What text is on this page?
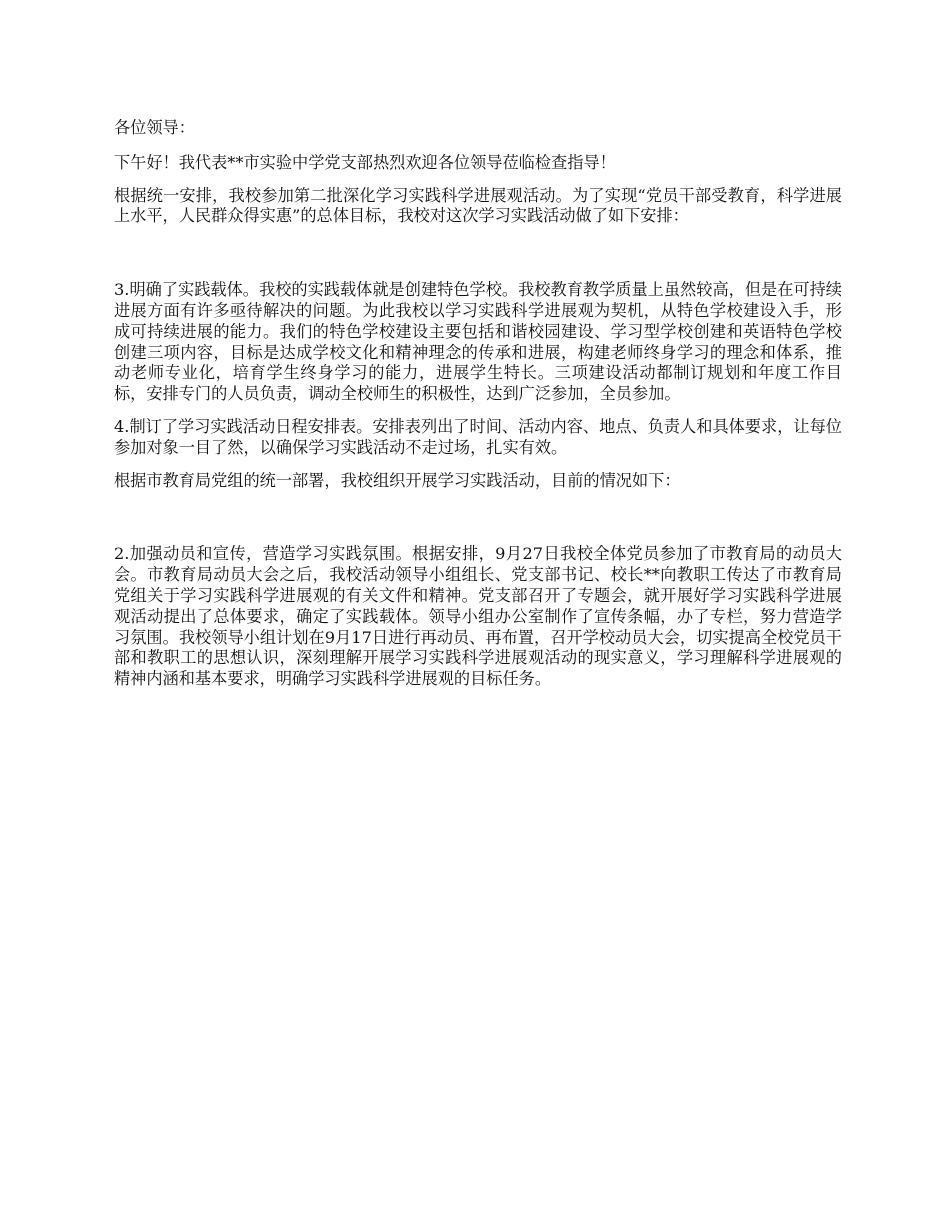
各位领导：

下午好！我代表**市实验中学党支部热烈欢迎各位领导莅临检查指导！

根据统一安排，我校参加第二批深化学习实践科学进展观活动。为了实现“党员干部受教育，科学进展上水平，人民群众得实惠”的总体目标，我校对这次学习实践活动做了如下安排：

3.明确了实践载体。我校的实践载体就是创建特色学校。我校教育教学质量上虽然较高，但是在可持续进展方面有许多亟待解决的问题。为此我校以学习实践科学进展观为契机，从特色学校建设入手，形成可持续进展的能力。我们的特色学校建设主要包括和谐校园建设、学习型学校创建和英语特色学校创建三项内容，目标是达成学校文化和精神理念的传承和进展，构建老师终身学习的理念和体系，推动老师专业化，培育学生终身学习的能力，进展学生特长。三项建设活动都制订规划和年度工作目标，安排专门的人员负责，调动全校师生的积极性，达到广泛参加，全员参加。

4.制订了学习实践活动日程安排表。安排表列出了时间、活动内容、地点、负责人和具体要求，让每位参加对象一目了然，以确保学习实践活动不走过场，扎实有效。

根据市教育局党组的统一部署，我校组织开展学习实践活动，目前的情况如下：

2.加强动员和宣传，营造学习实践氛围。根据安排，9月27日我校全体党员参加了市教育局的动员大会。市教育局动员大会之后，我校活动领导小组组长、党支部书记、校长**向教职工传达了市教育局党组关于学习实践科学进展观的有关文件和精神。党支部召开了专题会，就开展好学习实践科学进展观活动提出了总体要求，确定了实践载体。领导小组办公室制作了宣传条幅，办了专栏，努力营造学习氛围。我校领导小组计划在9月17日进行再动员、再布置，召开学校动员大会，切实提高全校党员干部和教职工的思想认识，深刻理解开展学习实践科学进展观活动的现实意义，学习理解科学进展观的精神内涵和基本要求，明确学习实践科学进展观的目标任务。
